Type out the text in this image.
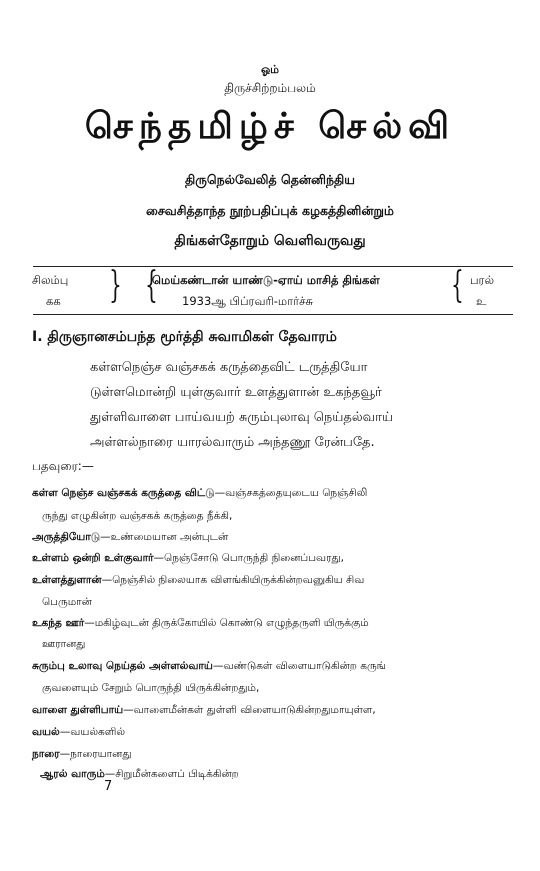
ஓம்
திருச்சிற்றம்பலம்
செந்தமிழ்ச் செல்வி
திருநெல்வேலித் தென்னிந்திய
சைவசித்தாந்த நூற்பதிப்புக் கழகத்தினின்றும்
திங்கள்தோறும் வெளிவருவது
சிலம்பு
கக } {
மெய்கண்டான் யாண்டு-ஏாய் மாசித் திங்கள்
1933ஆ பிப்ரவரி-மார்ச்சு	{ பரல்
உ
I. திருஞானசம்பந்த மூர்த்தி சுவாமிகள் தேவாரம்
கள்ளநெஞ்ச வஞ்சகக் கருத்தைவிட் டருத்தியோ
டுள்ளமொன்றி யுள்குவார் உளத்துளான் உகந்தவூர்
துள்ளிவாளை பாய்வயற் சுரும்புலாவு நெய்தல்வாய்
அள்ளல்நாரை யாரல்வாரும் அந்தணூ ரேன்பதே.
பதவுரை:—
கள்ள நெஞ்ச வஞ்சகக் கருத்தை விட்டு—வஞ்சகத்தையுடைய நெஞ்சிலி
ருந்து எழுகின்ற வஞ்சகக் கருத்தை நீக்கி,
அருத்தியோடு—உண்மையான அன்புடன்
உள்ளம் ஒன்றி உள்குவார்—நெஞ்சோடு பொருந்தி நினைப்பவரது,
உள்ளத்துளான்—நெஞ்சில் நிலையாக விளங்கியிருக்கின்றவனுகிய சிவ
பெருமான்
உகந்த ஊர்—மகிழ்வுடன் திருக்கோயில் கொண்டு எழுந்தருளி யிருக்கும்
ஊரானது
சுரும்பு உலாவு நெய்தல் அள்ளல்வாய்—வண்டுகள் விளையாடுகின்ற கருங்
குவளையும் சேறும் பொருந்தி யிருக்கின்றதும்,
வாளை துள்ளிபாய்—வாளைமீன்கள் துள்ளி விளையாடுகின்றதுமாயுள்ள,
வயல்—வயல்களில்
நாரை—நாரையானது
ஆரல் வாரும்—சிறுமீன்களைப் பிடிக்கின்ற
7
